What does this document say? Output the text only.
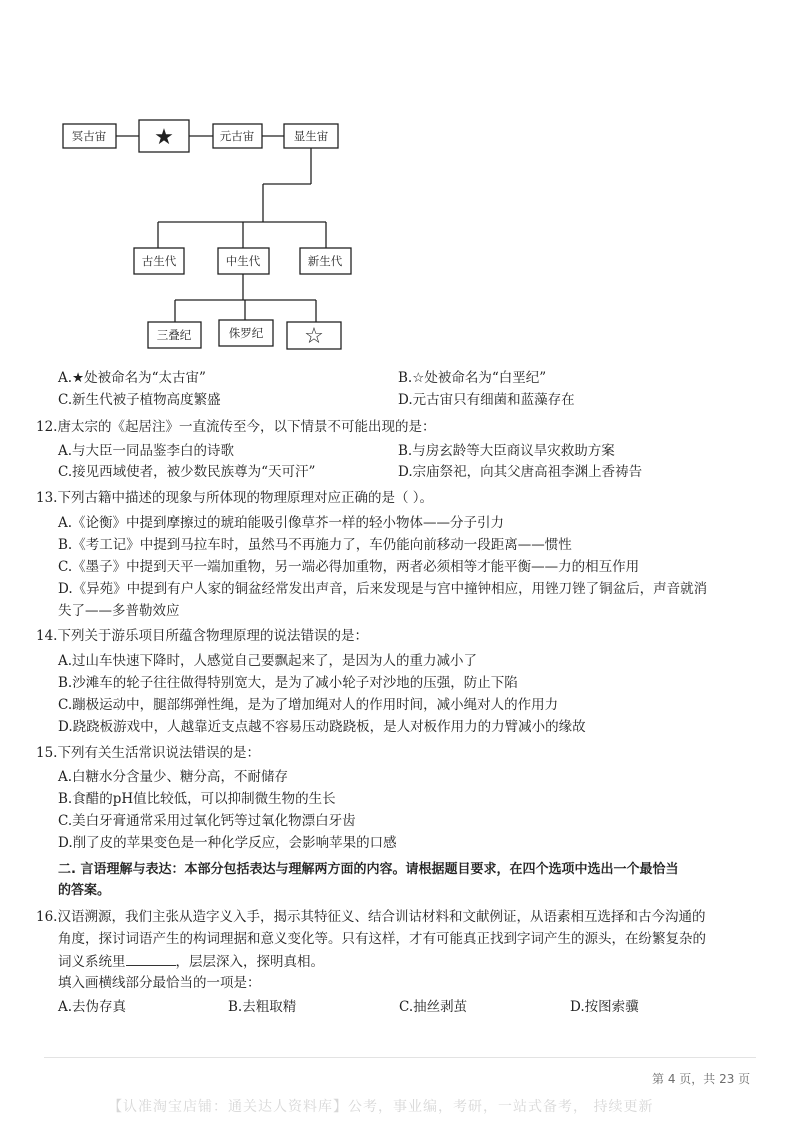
冥古宙 ★	元古宙	显生宙
古生代	中生代	新生代
三叠纪	侏罗纪 ☆
A.★处被命名为“太古宙”	B.☆处被命名为“白垩纪”
C.新生代被子植物高度繁盛	D.元古宙只有细菌和蓝藻存在
12.唐太宗的《起居注》一直流传至今，以下情景不可能出现的是：
A.与大臣一同品鉴李白的诗歌	B.与房玄龄等大臣商议旱灾救助方案
C.接见西域使者，被少数民族尊为“天可汗”	D.宗庙祭祀，向其父唐高祖李渊上香祷告
13.下列古籍中描述的现象与所体现的物理原理对应正确的是（ ）。
A.《论衡》中提到摩擦过的琥珀能吸引像草芥一样的轻小物体——分子引力
B.《考工记》中提到马拉车时，虽然马不再施力了，车仍能向前移动一段距离——惯性
C.《墨子》中提到天平一端加重物，另一端必得加重物，两者必须相等才能平衡——力的相互作用
D.《异苑》中提到有户人家的铜盆经常发出声音，后来发现是与宫中撞钟相应，用锉刀锉了铜盆后，声音就消
失了——多普勒效应
14.下列关于游乐项目所蕴含物理原理的说法错误的是：
A.过山车快速下降时，人感觉自己要飘起来了，是因为人的重力减小了
B.沙滩车的轮子往往做得特别宽大，是为了减小轮子对沙地的压强，防止下陷
C.蹦极运动中，腿部绑弹性绳，是为了增加绳对人的作用时间，减小绳对人的作用力
D.跷跷板游戏中，人越靠近支点越不容易压动跷跷板，是人对板作用力的力臂减小的缘故
15.下列有关生活常识说法错误的是：
A.白糖水分含量少、糖分高，不耐储存
B.食醋的pH值比较低，可以抑制微生物的生长
C.美白牙膏通常采用过氧化钙等过氧化物漂白牙齿
D.削了皮的苹果变色是一种化学反应，会影响苹果的口感
二. 言语理解与表达：本部分包括表达与理解两方面的内容。请根据题目要求，在四个选项中选出一个最恰当
的答案。
16.汉语溯源，我们主张从造字义入手，揭示其特征义、结合训诂材料和文献例证，从语素相互选择和古今沟通的
角度，探讨词语产生的构词理据和意义变化等。只有这样，才有可能真正找到字词产生的源头，在纷繁复杂的
词义系统里	，层层深入，探明真相。
填入画横线部分最恰当的一项是：
A.去伪存真	B.去粗取精	C.抽丝剥茧	D.按图索骥
第 4 页，共 23 页
【认准淘宝店铺：通关达人资料库】公考，事业编，考研，一站式备考， 持续更新
